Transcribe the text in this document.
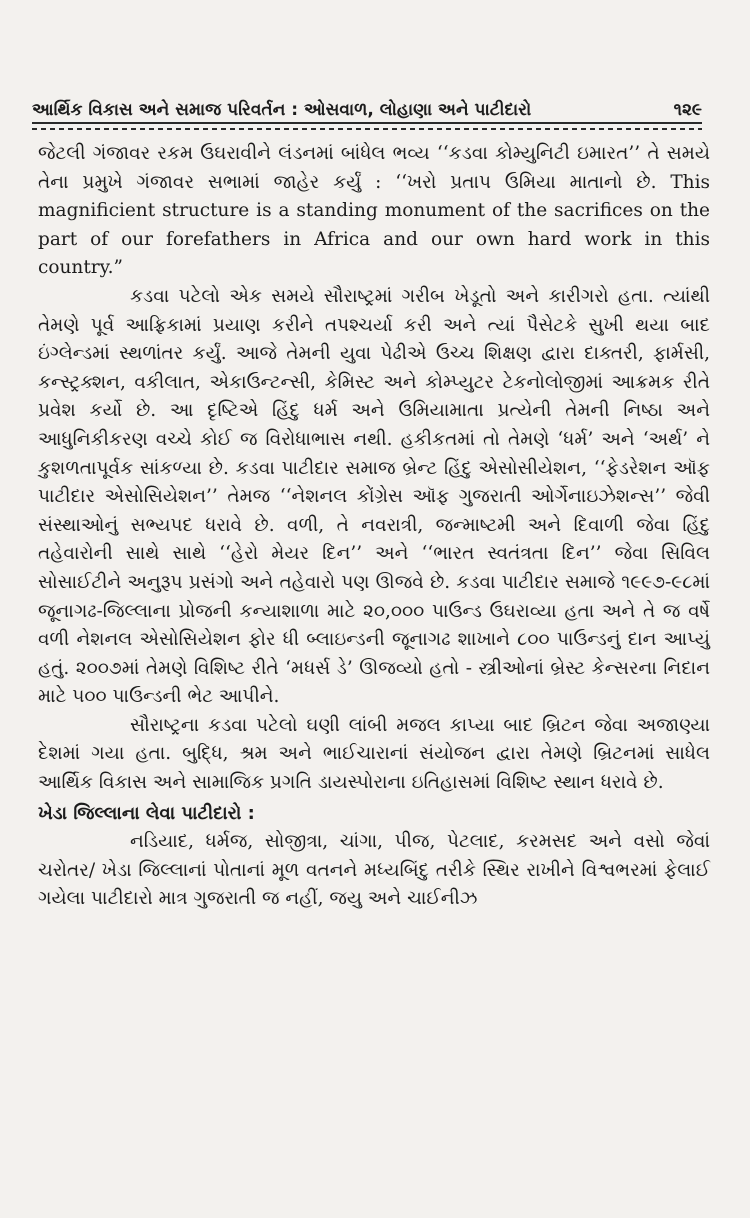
આર્થિક વિકાસ અને સમાજ પરિવર્તન : ઓસવાળ, લોહાણા અને પાટીદારો	૧૨૯

જેટલી ગંજાવર રકમ ઉઘરાવીને લંડનમાં બાંધેલ ભવ્ય ‘‘કડવા કોમ્યુનિટી ઇમારત’’ તે સમયે તેના પ્રમુખે ગંજાવર સભામાં જાહેર કર્યું : ‘‘ખરો પ્રતાપ ઉમિયા માતાનો છે. This magnificient structure is a standing monument of the sacrifices on the part of our forefathers in Africa and our own hard work in this country.”

કડવા પટેલો એક સમયે સૌરાષ્ટ્રમાં ગરીબ ખેડૂતો અને કારીગરો હતા. ત્યાંથી તેમણે પૂર્વ આફ્રિકામાં પ્રયાણ કરીને તપશ્ચર્યા કરી અને ત્યાં પૈસેટકે સુખી થયા બાદ ઇંગ્લેન્ડમાં સ્થળાંતર કર્યું. આજે તેમની યુવા પેઢીએ ઉચ્ચ શિક્ષણ દ્વારા દાક્તરી, ફાર્મસી, કન્સ્ટ્રક્શન, વકીલાત, એકાઉન્ટન્સી, કેમિસ્ટ અને કોમ્પ્યુટર ટેકનોલોજીમાં આક્રમક રીતે પ્રવેશ કર્યો છે. આ દૃષ્ટિએ હિંદુ ધર્મ અને ઉમિયામાતા પ્રત્યેની તેમની નિષ્ઠા અને આધુનિકીકરણ વચ્ચે કોઈ જ વિરોધાભાસ નથી. હકીકતમાં તો તેમણે ‘ધર્મ’ અને ‘અર્થ’ ને કુશળતાપૂર્વક સાંકળ્યા છે. કડવા પાટીદાર સમાજ બ્રેન્ટ હિંદુ એસોસીયેશન, ‘‘ફેડરેશન ઑફ પાટીદાર એસોસિયેશન’’ તેમજ ‘‘નેશનલ કોંગ્રેસ ઑફ ગુજરાતી ઓર્ગેનાઇઝેશન્સ’’ જેવી સંસ્થાઓનું સભ્યપદ ધરાવે છે. વળી, તે નવરાત્રી, જન્માષ્ટમી અને દિવાળી જેવા હિંદુ તહેવારોની સાથે સાથે ‘‘હેરો મેયર દિન’’ અને ‘‘ભારત સ્વતંત્રતા દિન’’ જેવા સિવિલ સોસાઈટીને અનુરૂપ પ્રસંગો અને તહેવારો પણ ઊજવે છે. કડવા પાટીદાર સમાજે ૧૯૯૭-૯૮માં જૂનાગઢ-જિલ્લાના પ્રોજની કન્યાશાળા માટે ૨૦,૦૦૦ પાઉન્ડ ઉઘરાવ્યા હતા અને તે જ વર્ષે વળી નેશનલ એસોસિયેશન ફોર ધી બ્લાઇન્ડની જૂનાગઢ શાખાને ૮૦૦ પાઉન્ડનું દાન આપ્યું હતું. ૨૦૦૭માં તેમણે વિશિષ્ટ રીતે ‘મધર્સ ડે’ ઊજવ્યો હતો - સ્ત્રીઓનાં બ્રેસ્ટ કેન્સરના નિદાન માટે ૫૦૦ પાઉન્ડની ભેટ આપીને.

સૌરાષ્ટ્રના કડવા પટેલો ઘણી લાંબી મજલ કાપ્યા બાદ બ્રિટન જેવા અજાણ્યા દેશમાં ગયા હતા. બુદ્ધિ, શ્રમ અને ભાઈચારાનાં સંયોજન દ્વારા તેમણે બ્રિટનમાં સાધેલ આર્થિક વિકાસ અને સામાજિક પ્રગતિ ડાયસ્પોરાના ઇતિહાસમાં વિશિષ્ટ સ્થાન ધરાવે છે.

ખેડા જિલ્લાના લેવા પાટીદારો :

નડિયાદ, ધર્મજ, સોજીત્રા, ચાંગા, પીજ, પેટલાદ, કરમસદ અને વસો જેવાં ચરોતર/ ખેડા જિલ્લાનાં પોતાનાં મૂળ વતનને મધ્યબિંદુ તરીકે સ્થિર રાખીને વિશ્વભરમાં ફેલાઈ ગયેલા પાટીદારો માત્ર ગુજરાતી જ નહીં, જયુ અને ચાઈનીઝ
